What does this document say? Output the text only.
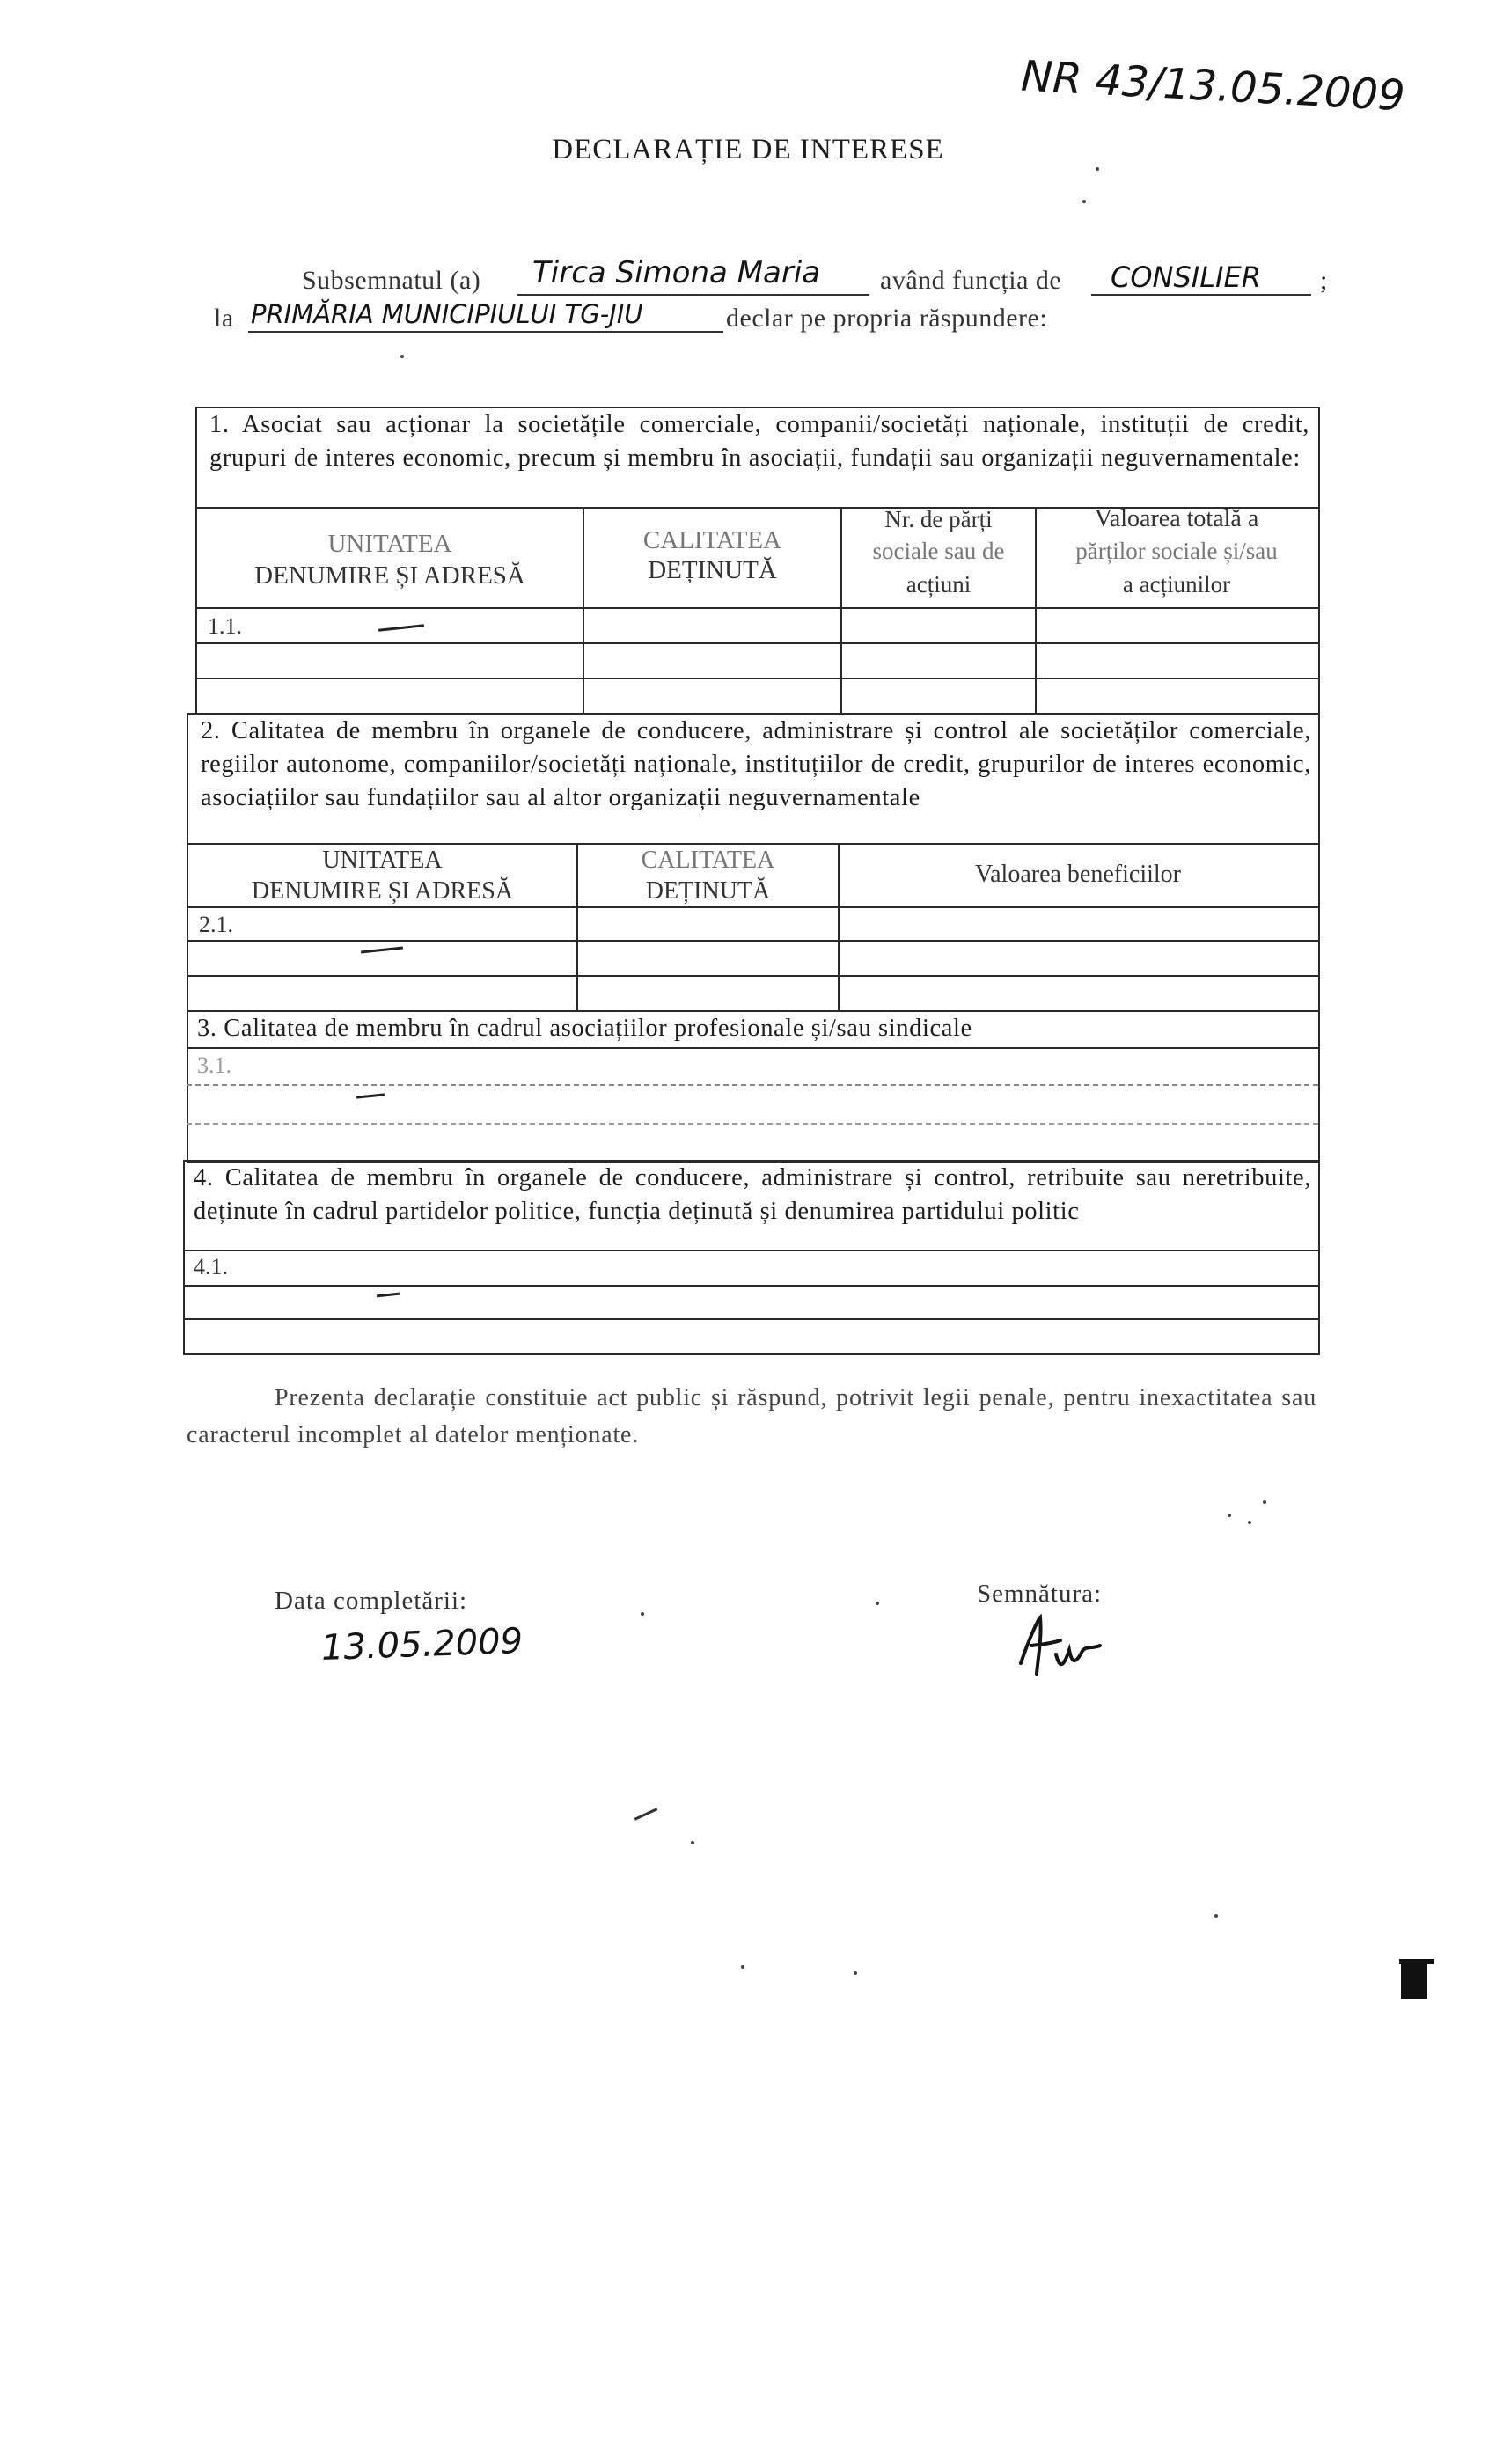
NR 43/13.05.2009
DECLARAȚIE DE INTERESE
Subsemnatul (a) Tirca Simona Maria având funcția de CONSILIER ;
la PRIMĂRIA MUNICIPIULUI TG-JIU	declar pe propria răspundere:
1. Asociat sau acționar la societățile comerciale, companii/societăți naționale, instituții de credit, grupuri de interes economic, precum și membru în asociații, fundații sau organizații neguvernamentale:
UNITATEA
DENUMIRE ȘI ADRESĂ
CALITATEA
DEȚINUTĂ
Nr. de părți
sociale sau de
acțiuni
Valoarea totală a
părților sociale și/sau
a acțiunilor
1.1.
2. Calitatea de membru în organele de conducere, administrare și control ale societăților comerciale, regiilor autonome, companiilor/societăți naționale, instituțiilor de credit, grupurilor de interes economic, asociațiilor sau fundațiilor sau al altor organizații neguvernamentale
UNITATEA
DENUMIRE ȘI ADRESĂ
CALITATEA
DEȚINUTĂ
Valoarea beneficiilor
2.1.
3. Calitatea de membru în cadrul asociațiilor profesionale și/sau sindicale
3.1.
4. Calitatea de membru în organele de conducere, administrare și control, retribuite sau neretribuite, deținute în cadrul partidelor politice, funcția deținută și denumirea partidului politic
4.1.
Prezenta declarație constituie act public și răspund, potrivit legii penale, pentru inexactitatea sau caracterul incomplet al datelor menționate.
Data completării:
13.05.2009
Semnătura:
